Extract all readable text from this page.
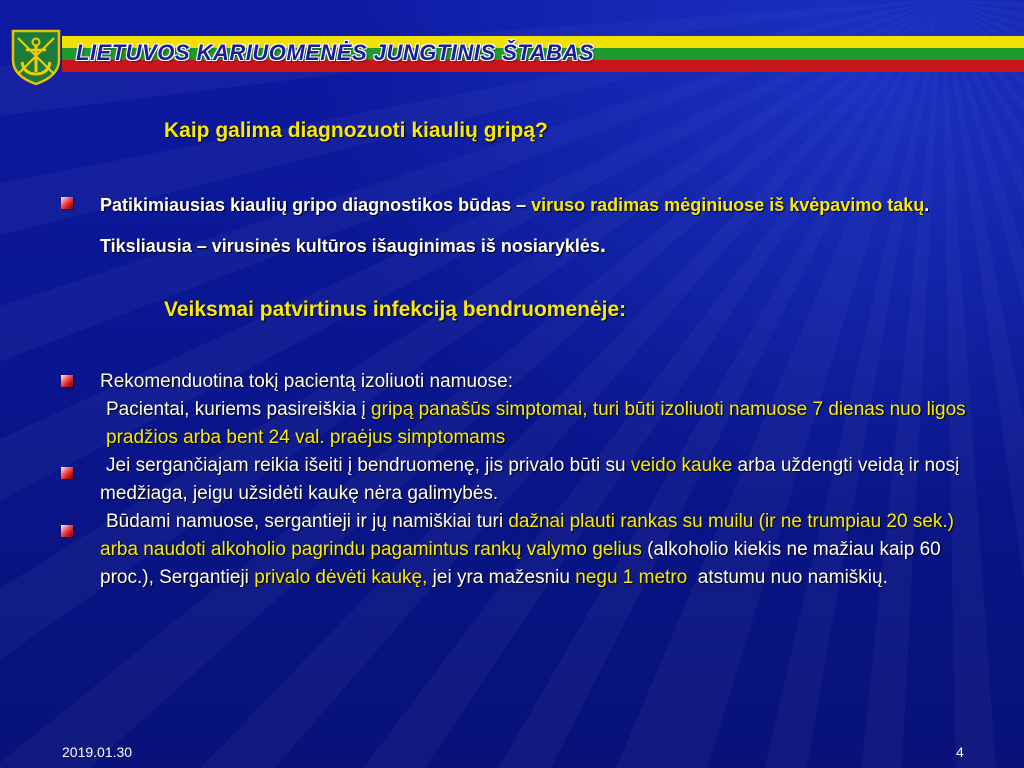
LIETUVOS KARIUOMENĖS JUNGTINIS ŠTABAS
Kaip galima diagnozuoti kiaulių gripą?
Patikimiausias kiaulių gripo diagnostikos būdas – viruso radimas mėginiuose iš kvėpavimo takų. Tiksliausia – virusinės kultūros išauginimas iš nosiaryklės.
Veiksmai patvirtinus infekciją bendruomenėje:
Rekomenduotina tokį pacientą izoliuoti namuose:
Pacientai, kuriems pasireiškia į gripą panašūs simptomai, turi būti izoliuoti namuose 7 dienas nuo ligos pradžios arba bent 24 val. praėjus simptomams
Jei sergančiajam reikia išeiti į bendruomenę, jis privalo būti su veido kauke arba uždengti veidą ir nosį medžiaga, jeigu užsidėti kaukę nėra galimybės.
Būdami namuose, sergantieji ir jų namiškiai turi dažnai plauti rankas su muilu (ir ne trumpiau 20 sek.) arba naudoti alkoholio pagrindu pagamintus rankų valymo gelius (alkoholio kiekis ne mažiau kaip 60 proc.), Sergantieji privalo dėvėti kaukę, jei yra mažesniu negu 1 metro  atstumu nuo namiškių.
2019.01.30	4
